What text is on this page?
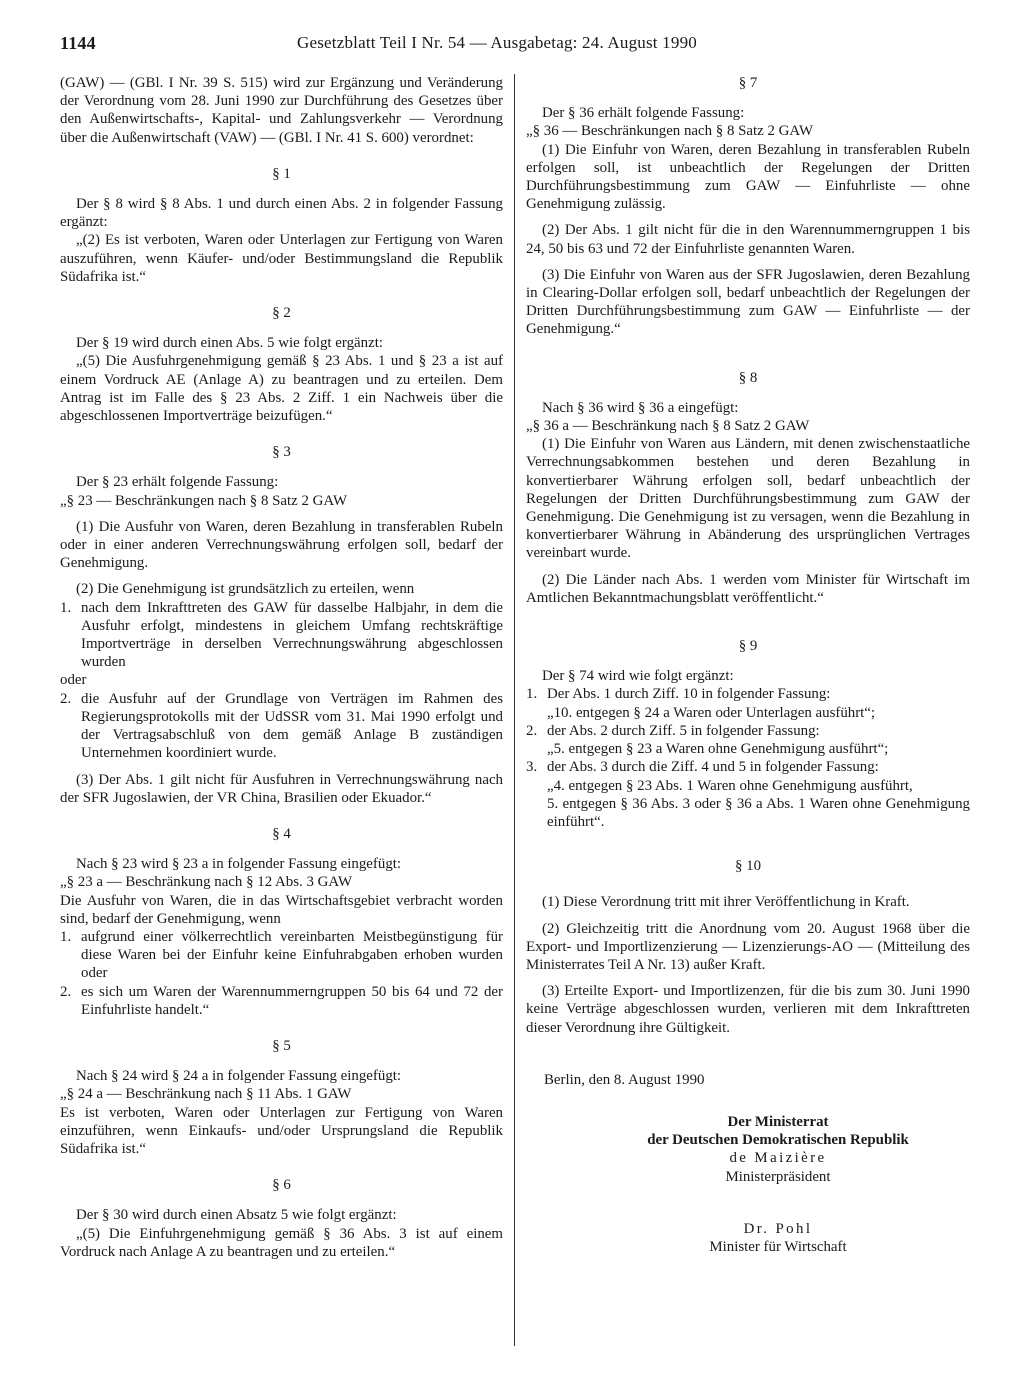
1144	Gesetzblatt Teil I Nr. 54 — Ausgabetag: 24. August 1990

(GAW) — (GBl. I Nr. 39 S. 515) wird zur Ergänzung und Veränderung der Verordnung vom 28. Juni 1990 zur Durchführung des Gesetzes über den Außenwirtschafts-, Kapital- und Zahlungsverkehr — Verordnung über die Außenwirtschaft (VAW) — (GBl. I Nr. 41 S. 600) verordnet:

§ 1

Der § 8 wird § 8 Abs. 1 und durch einen Abs. 2 in folgender Fassung ergänzt:

„(2) Es ist verboten, Waren oder Unterlagen zur Fertigung von Waren auszuführen, wenn Käufer- und/oder Bestimmungsland die Republik Südafrika ist.“

§ 2

Der § 19 wird durch einen Abs. 5 wie folgt ergänzt:

„(5) Die Ausfuhrgenehmigung gemäß § 23 Abs. 1 und § 23 a ist auf einem Vordruck AE (Anlage A) zu beantragen und zu erteilen. Dem Antrag ist im Falle des § 23 Abs. 2 Ziff. 1 ein Nachweis über die abgeschlossenen Importverträge beizufügen.“

§ 3

Der § 23 erhält folgende Fassung:

„§ 23 — Beschränkungen nach § 8 Satz 2 GAW

(1) Die Ausfuhr von Waren, deren Bezahlung in transferablen Rubeln oder in einer anderen Verrechnungswährung erfolgen soll, bedarf der Genehmigung.

(2) Die Genehmigung ist grundsätzlich zu erteilen, wenn

1. nach dem Inkrafttreten des GAW für dasselbe Halbjahr, in dem die Ausfuhr erfolgt, mindestens in gleichem Umfang rechtskräftige Importverträge in derselben Verrechnungswährung abgeschlossen wurden

oder

2. die Ausfuhr auf der Grundlage von Verträgen im Rahmen des Regierungsprotokolls mit der UdSSR vom 31. Mai 1990 erfolgt und der Vertragsabschluß von dem gemäß Anlage B zuständigen Unternehmen koordiniert wurde.

(3) Der Abs. 1 gilt nicht für Ausfuhren in Verrechnungswährung nach der SFR Jugoslawien, der VR China, Brasilien oder Ekuador.“

§ 4

Nach § 23 wird § 23 a in folgender Fassung eingefügt:

„§ 23 a — Beschränkung nach § 12 Abs. 3 GAW

Die Ausfuhr von Waren, die in das Wirtschaftsgebiet verbracht worden sind, bedarf der Genehmigung, wenn

1. aufgrund einer völkerrechtlich vereinbarten Meistbegünstigung für diese Waren bei der Einfuhr keine Einfuhrabgaben erhoben wurden oder
2. es sich um Waren der Warennummerngruppen 50 bis 64 und 72 der Einfuhrliste handelt.“

§ 5

Nach § 24 wird § 24 a in folgender Fassung eingefügt:

„§ 24 a — Beschränkung nach § 11 Abs. 1 GAW

Es ist verboten, Waren oder Unterlagen zur Fertigung von Waren einzuführen, wenn Einkaufs- und/oder Ursprungsland die Republik Südafrika ist.“

§ 6

Der § 30 wird durch einen Absatz 5 wie folgt ergänzt:

„(5) Die Einfuhrgenehmigung gemäß § 36 Abs. 3 ist auf einem Vordruck nach Anlage A zu beantragen und zu erteilen.“

§ 7

Der § 36 erhält folgende Fassung:

„§ 36 — Beschränkungen nach § 8 Satz 2 GAW

(1) Die Einfuhr von Waren, deren Bezahlung in transferablen Rubeln erfolgen soll, ist unbeachtlich der Regelungen der Dritten Durchführungsbestimmung zum GAW — Einfuhrliste — ohne Genehmigung zulässig.

(2) Der Abs. 1 gilt nicht für die in den Warennummerngruppen 1 bis 24, 50 bis 63 und 72 der Einfuhrliste genannten Waren.

(3) Die Einfuhr von Waren aus der SFR Jugoslawien, deren Bezahlung in Clearing-Dollar erfolgen soll, bedarf unbeachtlich der Regelungen der Dritten Durchführungsbestimmung zum GAW — Einfuhrliste — der Genehmigung.“

§ 8

Nach § 36 wird § 36 a eingefügt:

„§ 36 a — Beschränkung nach § 8 Satz 2 GAW

(1) Die Einfuhr von Waren aus Ländern, mit denen zwischenstaatliche Verrechnungsabkommen bestehen und deren Bezahlung in konvertierbarer Währung erfolgen soll, bedarf unbeachtlich der Regelungen der Dritten Durchführungsbestimmung zum GAW der Genehmigung. Die Genehmigung ist zu versagen, wenn die Bezahlung in konvertierbarer Währung in Abänderung des ursprünglichen Vertrages vereinbart wurde.

(2) Die Länder nach Abs. 1 werden vom Minister für Wirtschaft im Amtlichen Bekanntmachungsblatt veröffentlicht.“

§ 9

Der § 74 wird wie folgt ergänzt:

1. Der Abs. 1 durch Ziff. 10 in folgender Fassung:

„10. entgegen § 24 a Waren oder Unterlagen ausführt“;

2. der Abs. 2 durch Ziff. 5 in folgender Fassung:

„5. entgegen § 23 a Waren ohne Genehmigung ausführt“;

3. der Abs. 3 durch die Ziff. 4 und 5 in folgender Fassung:

„4. entgegen § 23 Abs. 1 Waren ohne Genehmigung ausführt,

5. entgegen § 36 Abs. 3 oder § 36 a Abs. 1 Waren ohne Genehmigung einführt“.

§ 10

(1) Diese Verordnung tritt mit ihrer Veröffentlichung in Kraft.

(2) Gleichzeitig tritt die Anordnung vom 20. August 1968 über die Export- und Importlizenzierung — Lizenzierungs-AO — (Mitteilung des Ministerrates Teil A Nr. 13) außer Kraft.

(3) Erteilte Export- und Importlizenzen, für die bis zum 30. Juni 1990 keine Verträge abgeschlossen wurden, verlieren mit dem Inkrafttreten dieser Verordnung ihre Gültigkeit.

Berlin, den 8. August 1990

Der Ministerrat

der Deutschen Demokratischen Republik

de Maizière

Ministerpräsident

Dr. Pohl

Minister für Wirtschaft
